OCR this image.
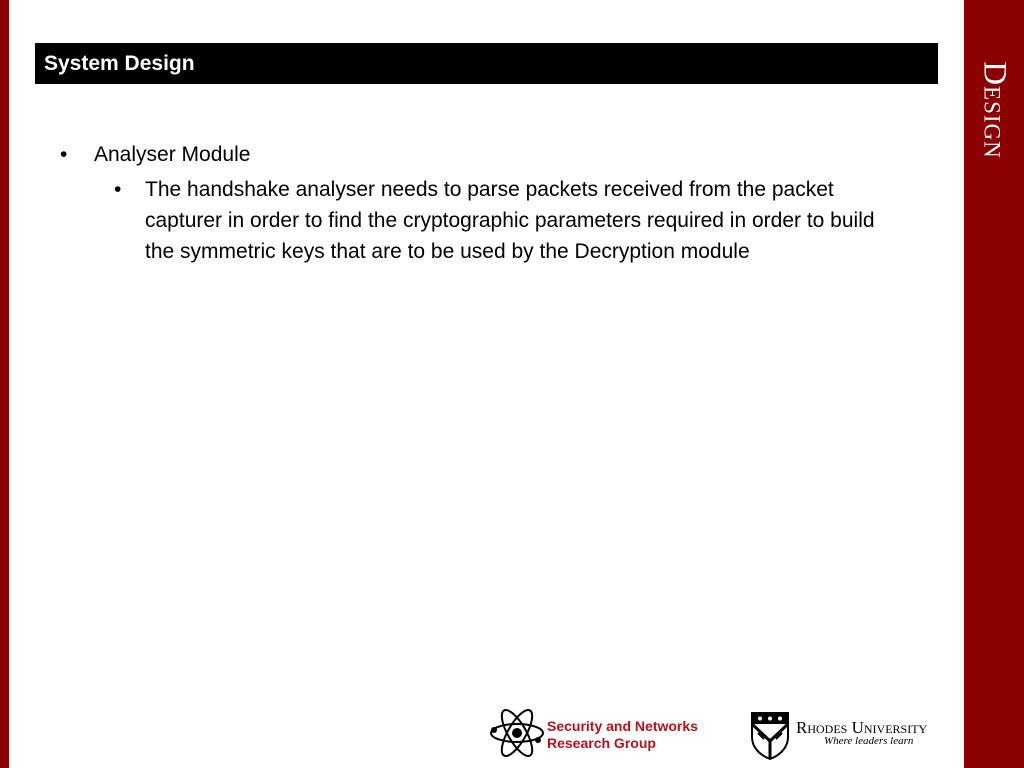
Design
System Design
• Analyser Module
• The handshake analyser needs to parse packets received from the packet capturer in order to find the cryptographic parameters required in order to build the symmetric keys that are to be used by the Decryption module
Security and Networks
Research Group
Rhodes University
Where leaders learn
